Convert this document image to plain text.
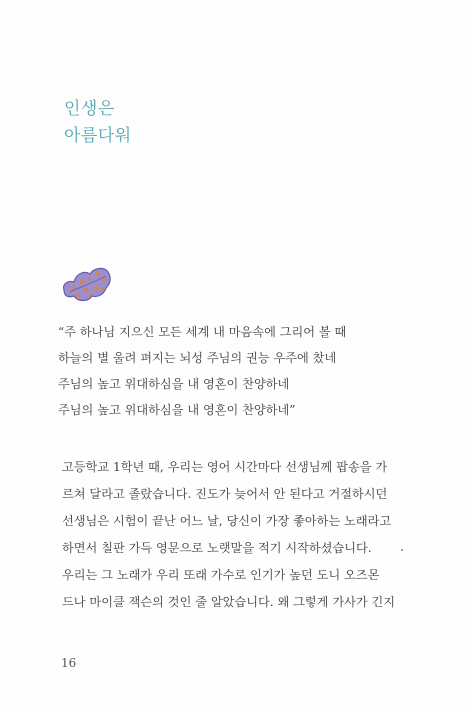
인생은
아름다워
“주 하나님 지으신 모든 세계 내 마음속에 그리어 볼 때
하늘의 별 울려 펴지는 뇌성 주님의 권능 우주에 찼네
주님의 높고 위대하심을 내 영혼이 찬양하네
주님의 높고 위대하심을 내 영혼이 찬양하네”
고등학교 1학년 때, 우리는 영어 시간마다 선생님께 팝송을 가
르쳐 달라고 졸랐습니다. 진도가 늦어서 안 된다고 거절하시던
선생님은 시험이 끝난 어느 날, 당신이 가장 좋아하는 노래라고
하면서 칠판 가득 영문으로 노랫말을 적기 시작하셨습니다.
우리는 그 노래가 우리 또래 가수로 인기가 높던 도니 오즈몬
드나 마이클 잭슨의 것인 줄 알았습니다. 왜 그렇게 가사가 긴지
16
